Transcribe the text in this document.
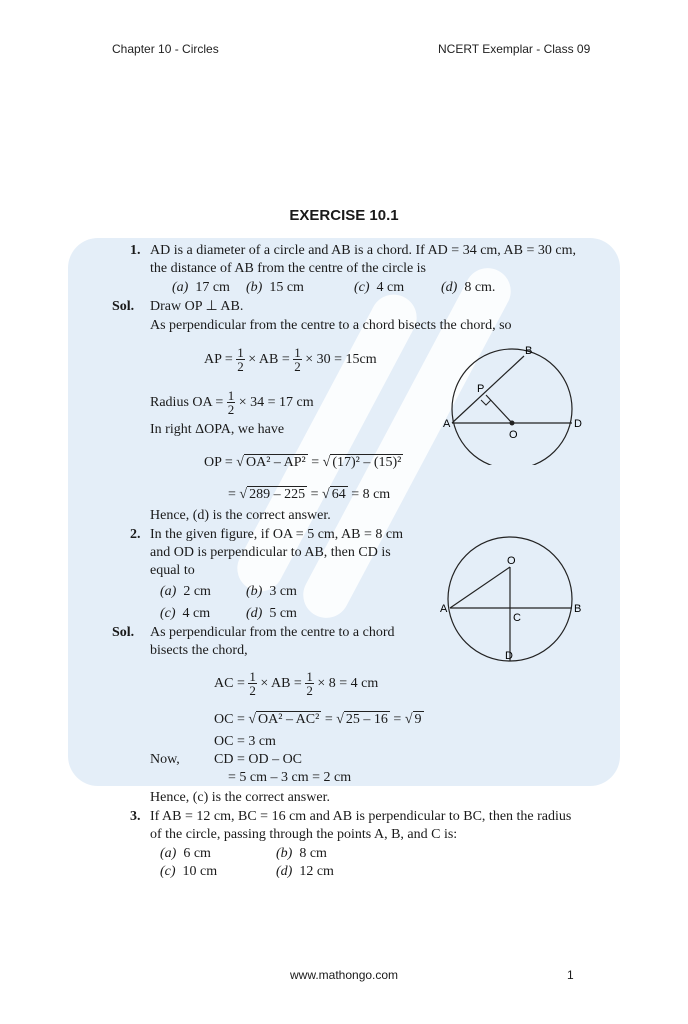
Chapter 10 - Circles	NCERT Exemplar - Class 09
EXERCISE 10.1
1. AD is a diameter of a circle and AB is a chord. If AD = 34 cm, AB = 30 cm,
the distance of AB from the centre of the circle is
(a) 17 cm (b) 15 cm	(c) 4 cm	(d) 8 cm.
Sol. Draw OP ⊥ AB.
As perpendicular from the centre to a chord bisects the chord, so
AP = $\frac{1}{2}$ × AB = $\frac{1}{2} \times 30 = 15cm$
Radius OA = $\frac{1}{2} \times 34 = 17$ cm
In right ΔOPA, we have
OP = √ OA² – AP² = √ (17)² – (15)²
= √ 289 – 225 = √ 64 = 8 cm
Hence, (d) is the correct answer.
A
B
P
O
D
2. In the given figure, if OA = 5 cm, AB = 8 cm
and OD is perpendicular to AB, then CD is
equal to
(a) 2 cm	(b) 3 cm
(c) 4 cm	(d) 5 cm
O
A	B
C
D
Sol. As perpendicular from the centre to a chord
bisects the chord,
AC = $\frac{1}{2}$ × AB = $\frac{1}{2} \times 8 = 4$ cm
OC = √ OA² – AC² = √ 25 – 16 = √ 9
OC = 3 cm
Now, CD = OD – OC
= 5 cm – 3 cm = 2 cm
Hence, (c) is the correct answer.
3. If AB = 12 cm, BC = 16 cm and AB is perpendicular to BC, then the radius
of the circle, passing through the points A, B, and C is:
(a) 6 cm	(b) 8 cm
(c) 10 cm	(d) 12 cm
www.mathongo.com	1
